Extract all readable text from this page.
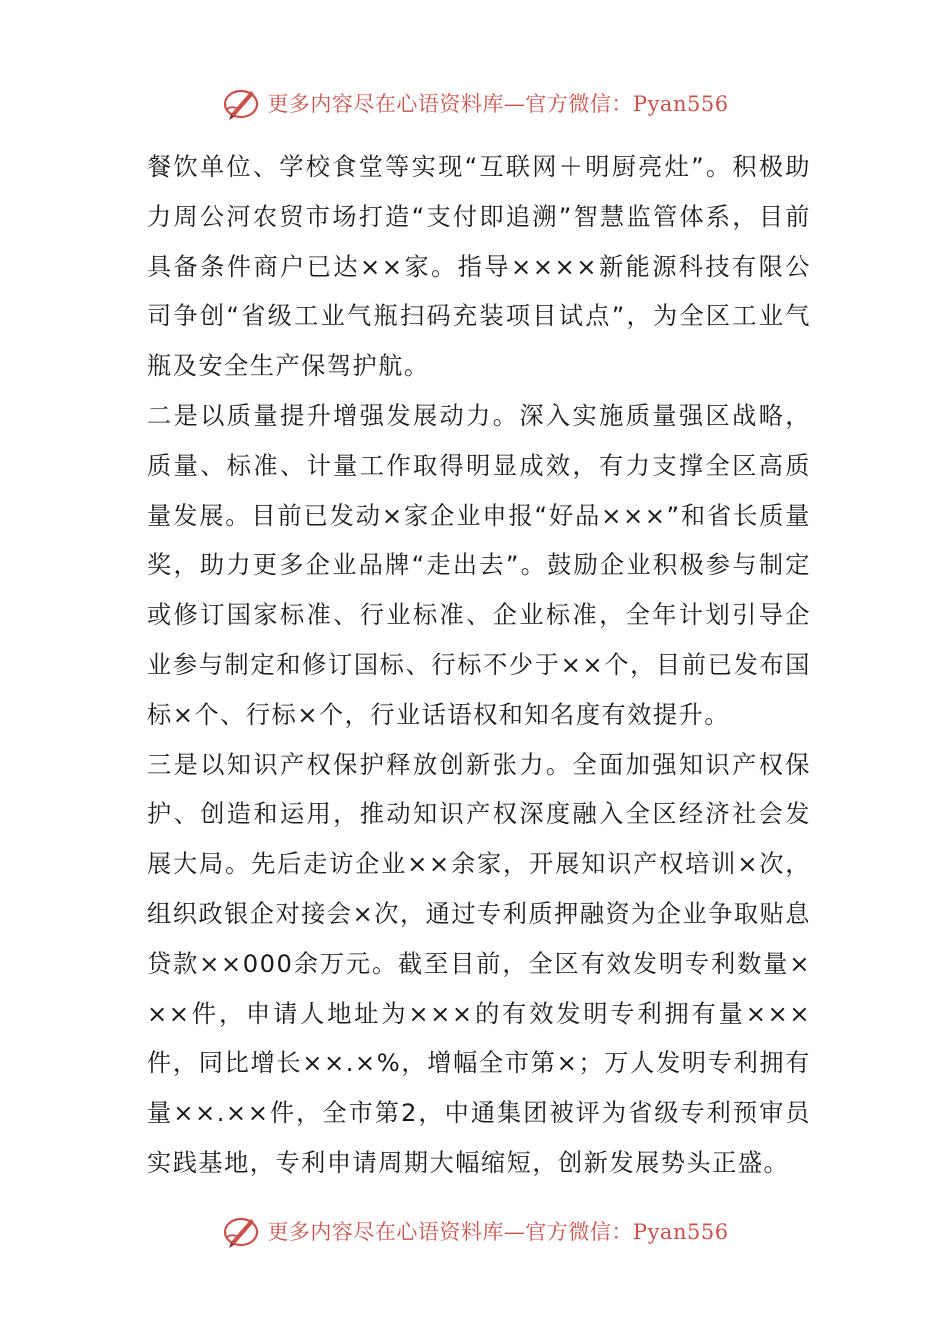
更多内容尽在心语资料库—官方微信：Pyan556

餐饮单位、学校食堂等实现“互联网＋明厨亮灶”。积极助力周公河农贸市场打造“支付即追溯”智慧监管体系，目前具备条件商户已达××家。指导××××新能源科技有限公司争创“省级工业气瓶扫码充装项目试点”，为全区工业气瓶及安全生产保驾护航。

二是以质量提升增强发展动力。深入实施质量强区战略，质量、标准、计量工作取得明显成效，有力支撑全区高质量发展。目前已发动×家企业申报“好品×××”和省长质量奖，助力更多企业品牌“走出去”。鼓励企业积极参与制定或修订国家标准、行业标准、企业标准，全年计划引导企业参与制定和修订国标、行标不少于××个，目前已发布国标×个、行标×个，行业话语权和知名度有效提升。

三是以知识产权保护释放创新张力。全面加强知识产权保护、创造和运用，推动知识产权深度融入全区经济社会发展大局。先后走访企业××余家，开展知识产权培训×次，组织政银企对接会×次，通过专利质押融资为企业争取贴息贷款××000余万元。截至目前，全区有效发明专利数量×××件，申请人地址为×××的有效发明专利拥有量×××件，同比增长××.×%，增幅全市第×；万人发明专利拥有量××.××件，全市第2，中通集团被评为省级专利预审员实践基地，专利申请周期大幅缩短，创新发展势头正盛。

更多内容尽在心语资料库—官方微信：Pyan556
